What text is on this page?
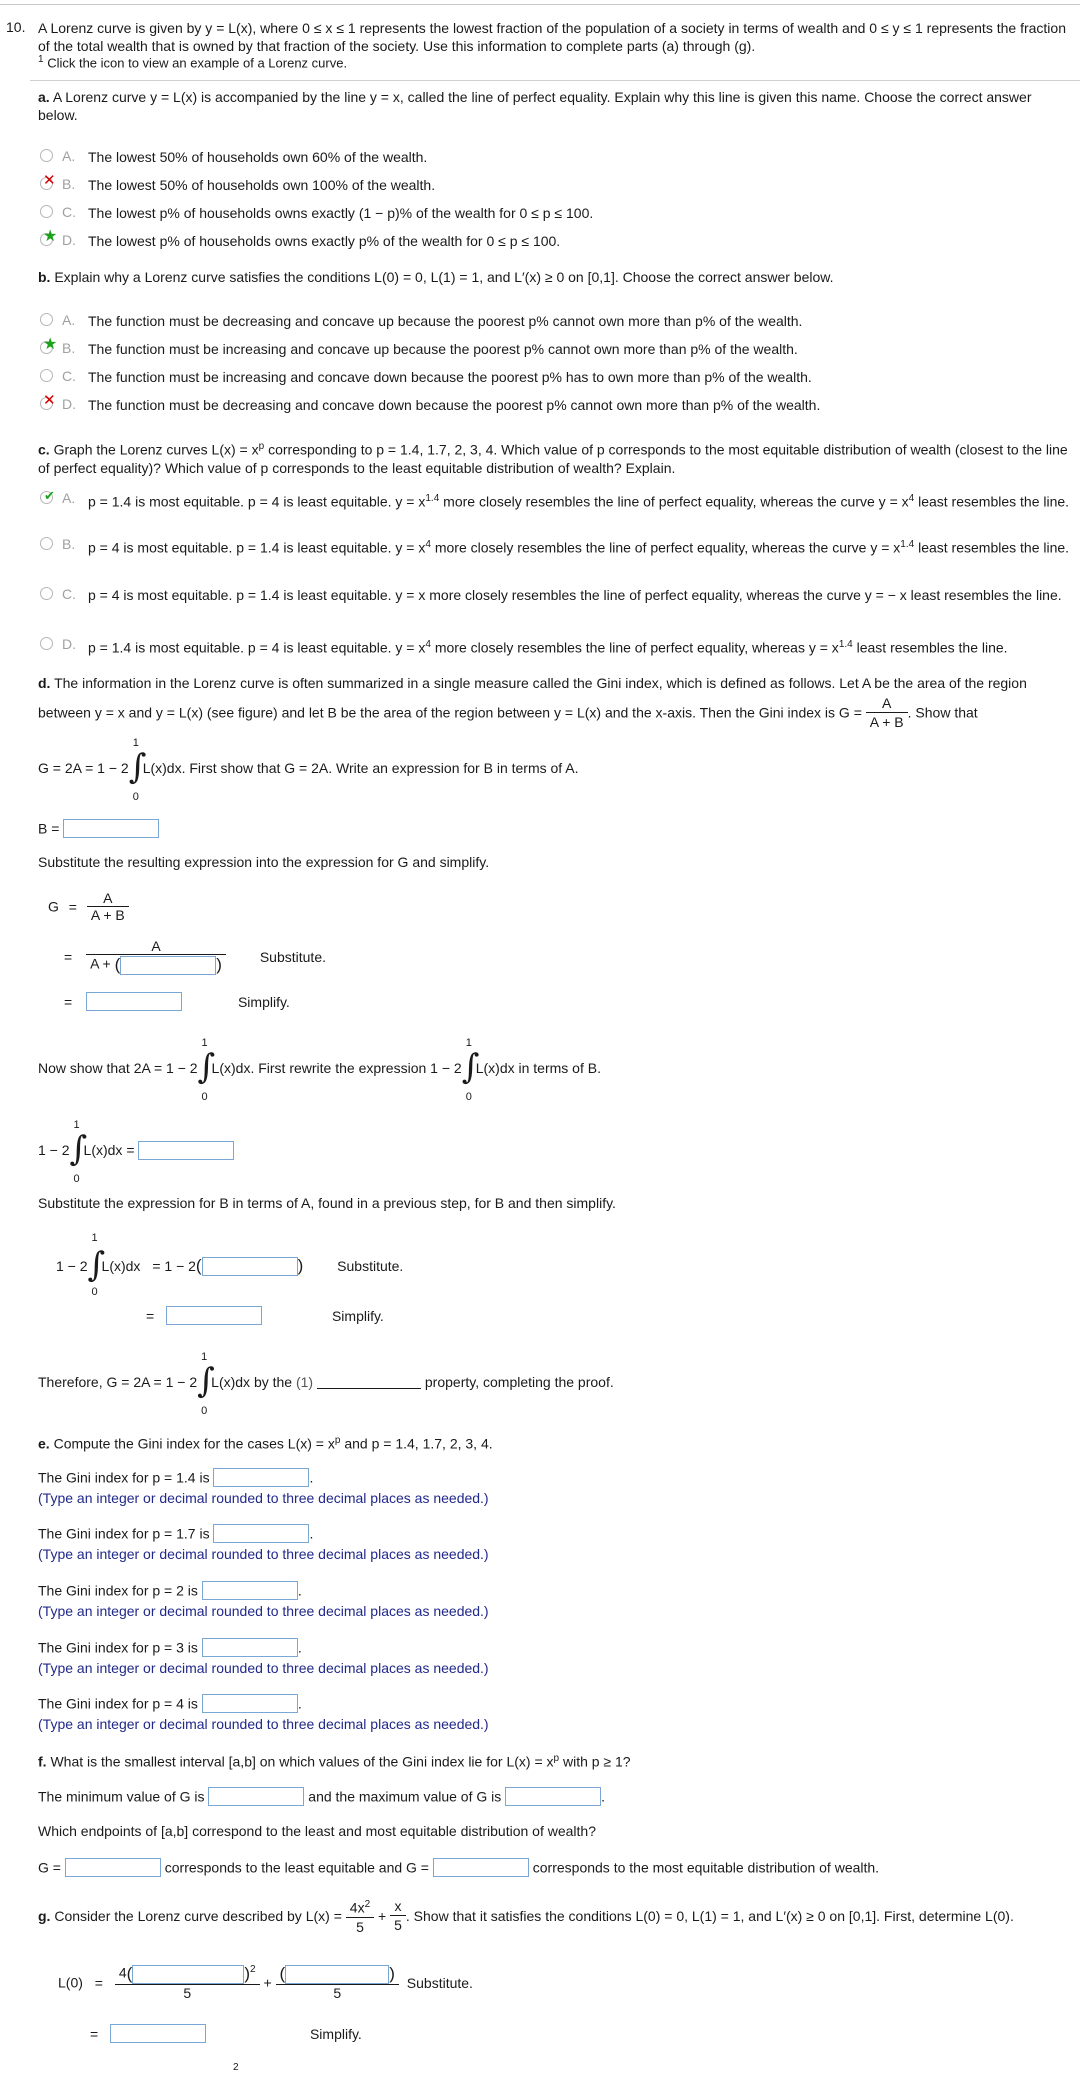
10. A Lorenz curve is given by y = L(x), where 0 ≤ x ≤ 1 represents the lowest fraction of the population of a society in terms of wealth and 0 ≤ y ≤ 1 represents the fraction of the total wealth that is owned by that fraction of the society. Use this information to complete parts (a) through (g).
$^1$ Click the icon to view an example of a Lorenz curve.
a. A Lorenz curve y = L(x) is accompanied by the line y = x, called the line of perfect equality. Explain why this line is given this name. Choose the correct answer below.
A. The lowest 50% of households own 60% of the wealth.
✕ B. The lowest 50% of households own 100% of the wealth.
C. The lowest p% of households owns exactly (1 − p)% of the wealth for 0 ≤ p ≤ 100.
★ D. The lowest p% of households owns exactly p% of the wealth for 0 ≤ p ≤ 100.
b. Explain why a Lorenz curve satisfies the conditions L(0) = 0, L(1) = 1, and L′(x) ≥ 0 on [0,1]. Choose the correct answer below.
A. The function must be decreasing and concave up because the poorest p% cannot own more than p% of the wealth.
★ B. The function must be increasing and concave up because the poorest p% cannot own more than p% of the wealth.
C. The function must be increasing and concave down because the poorest p% has to own more than p% of the wealth.
✕ D. The function must be decreasing and concave down because the poorest p% cannot own more than p% of the wealth.
c. Graph the Lorenz curves $L(x) = x^p$ corresponding to p = 1.4, 1.7, 2, 3, 4. Which value of p corresponds to the most equitable distribution of wealth (closest to the line of perfect equality)? Which value of p corresponds to the least equitable distribution of wealth? Explain.
✔ A. p = 1.4 is most equitable. p = 4 is least equitable. $y = x^{1.4}$ more closely resembles the line of perfect equality, whereas the curve $y = x^4$ least resembles the line.
B. p = 4 is most equitable. p = 1.4 is least equitable. $y = x^4$ more closely resembles the line of perfect equality, whereas the curve $y = x^{1.4}$ least resembles the line.
C. p = 4 is most equitable. p = 1.4 is least equitable. y = x more closely resembles the line of perfect equality, whereas the curve y = − x least resembles the line.
D. p = 1.4 is most equitable. p = 4 is least equitable. $y = x^4$ more closely resembles the line of perfect equality, whereas $y = x^{1.4}$ least resembles the line.
d. The information in the Lorenz curve is often summarized in a single measure called the Gini index, which is defined as follows. Let A be the area of the region
between y = x and y = L(x) (see figure) and let B be the area of the region between y = L(x) and the x-axis. Then the Gini index is $G = \frac{A}{A + B}$ . Show that
G = 2A = 1 − 2
1
∫
0
L(x)dx. First show that G = 2A. Write an expression for B in terms of A.
B =
Substitute the resulting expression into the expression for G and simplify.
$G = \frac{A}{A + B}$
= A
A + (	) Substitute.
=	Simplify.
Now show that 2A = 1 − 2
1
∫
0
L(x)dx. First rewrite the expression 1 − 2
1
∫
0
L(x)dx in terms of B.
1 − 2
1
∫
0
L(x)dx =
Substitute the expression for B in terms of A, found in a previous step, for B and then simplify.
1 − 2
1
∫
0
L(x)dx = 1 − 2(	) Substitute.
=	Simplify.
Therefore, G = 2A = 1 − 2
1
∫
0
L(x)dx by the (1)	property, completing the proof.
e. Compute the Gini index for the cases $L(x) = x^p$ and p = 1.4, 1.7, 2, 3, 4.
The Gini index for p = 1.4 is	.
(Type an integer or decimal rounded to three decimal places as needed.)
The Gini index for p = 1.7 is	.
(Type an integer or decimal rounded to three decimal places as needed.)
The Gini index for p = 2 is	.
(Type an integer or decimal rounded to three decimal places as needed.)
The Gini index for p = 3 is	.
(Type an integer or decimal rounded to three decimal places as needed.)
The Gini index for p = 4 is	.
(Type an integer or decimal rounded to three decimal places as needed.)
f. What is the smallest interval [a,b] on which values of the Gini index lie for $L(x) = x^p$ with p ≥ 1?
The minimum value of G is	and the maximum value of G is	.
Which endpoints of [a,b] correspond to the least and most equitable distribution of wealth?
G =	corresponds to the least equitable and G =	corresponds to the most equitable distribution of wealth.
g. Consider the Lorenz curve described by $L(x) = \frac{4x^2}{5} + \frac{x}{5}$ . Show that it satisfies the conditions L(0) = 0, L(1) = 1, and L′(x) ≥ 0 on [0,1]. First, determine L(0).
L(0) = 4(	)$^2$
5 + (	)
5 Substitute.
=	Simplify.
2
